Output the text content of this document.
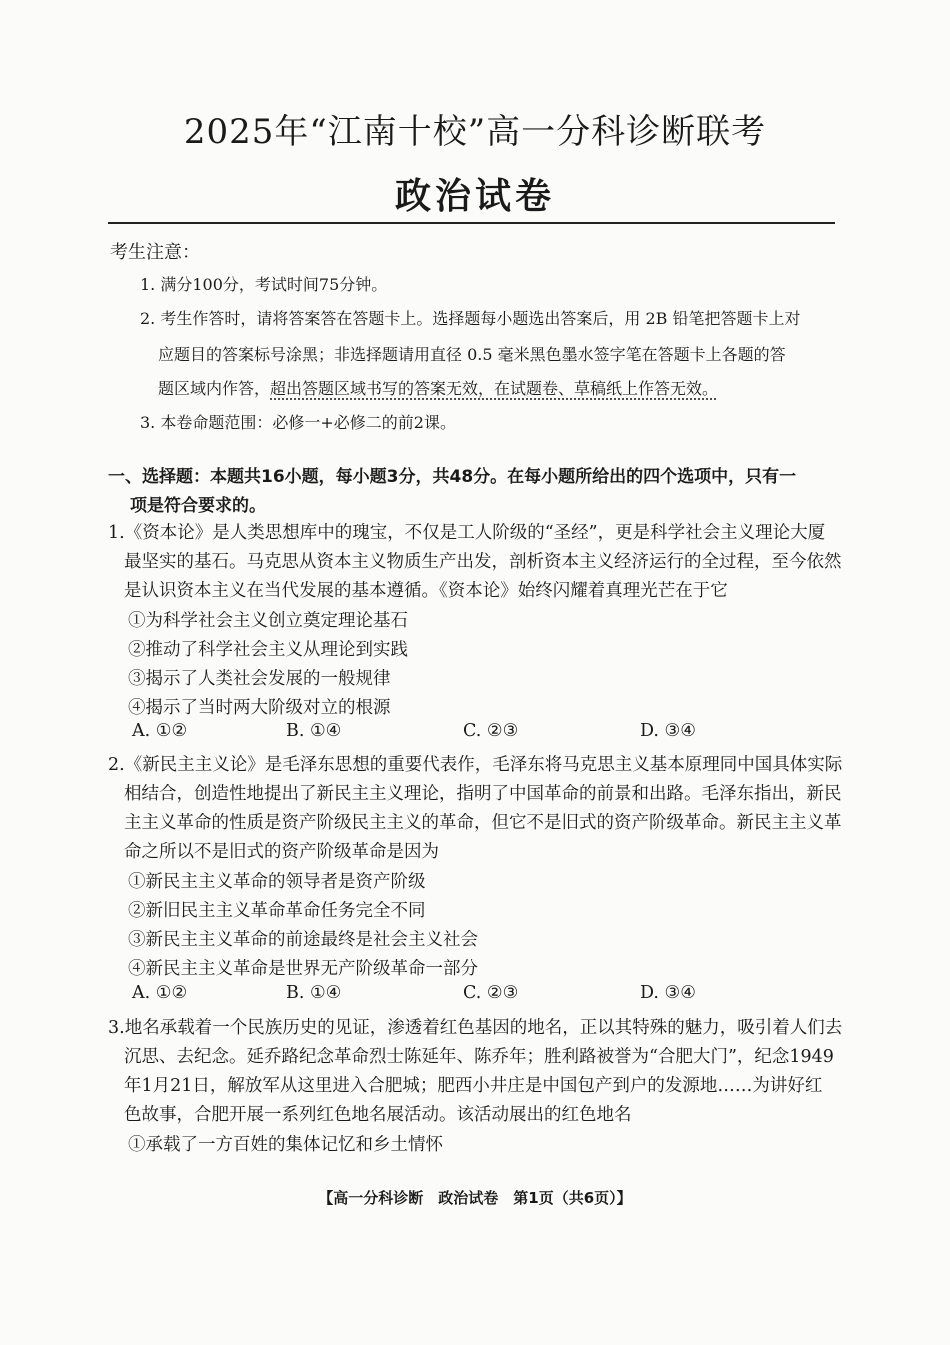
2025年“江南十校”高一分科诊断联考
政治试卷
考生注意：
1. 满分100分，考试时间75分钟。
2. 考生作答时，请将答案答在答题卡上。选择题每小题选出答案后，用 2B 铅笔把答题卡上对
应题目的答案标号涂黑；非选择题请用直径 0.5 毫米黑色墨水签字笔在答题卡上各题的答
题区域内作答，超出答题区域书写的答案无效，在试题卷、草稿纸上作答无效。
3. 本卷命题范围：必修一+必修二的前2课。
一、选择题：本题共16小题，每小题3分，共48分。在每小题所给出的四个选项中，只有一
项是符合要求的。
1.《资本论》是人类思想库中的瑰宝，不仅是工人阶级的“圣经”，更是科学社会主义理论大厦
最坚实的基石。马克思从资本主义物质生产出发，剖析资本主义经济运行的全过程，至今依然
是认识资本主义在当代发展的基本遵循。《资本论》始终闪耀着真理光芒在于它
①为科学社会主义创立奠定理论基石
②推动了科学社会主义从理论到实践
③揭示了人类社会发展的一般规律
④揭示了当时两大阶级对立的根源
A. ①②	B. ①④	C. ②③	D. ③④
2.《新民主主义论》是毛泽东思想的重要代表作，毛泽东将马克思主义基本原理同中国具体实际
相结合，创造性地提出了新民主主义理论，指明了中国革命的前景和出路。毛泽东指出，新民
主主义革命的性质是资产阶级民主主义的革命，但它不是旧式的资产阶级革命。新民主主义革
命之所以不是旧式的资产阶级革命是因为
①新民主主义革命的领导者是资产阶级
②新旧民主主义革命革命任务完全不同
③新民主主义革命的前途最终是社会主义社会
④新民主主义革命是世界无产阶级革命一部分
A. ①②	B. ①④	C. ②③	D. ③④
3.地名承载着一个民族历史的见证，渗透着红色基因的地名，正以其特殊的魅力，吸引着人们去
沉思、去纪念。延乔路纪念革命烈士陈延年、陈乔年；胜利路被誉为“合肥大门”，纪念1949
年1月21日，解放军从这里进入合肥城；肥西小井庄是中国包产到户的发源地……为讲好红
色故事，合肥开展一系列红色地名展活动。该活动展出的红色地名
①承载了一方百姓的集体记忆和乡土情怀
【高一分科诊断　政治试卷　第1页（共6页）】
